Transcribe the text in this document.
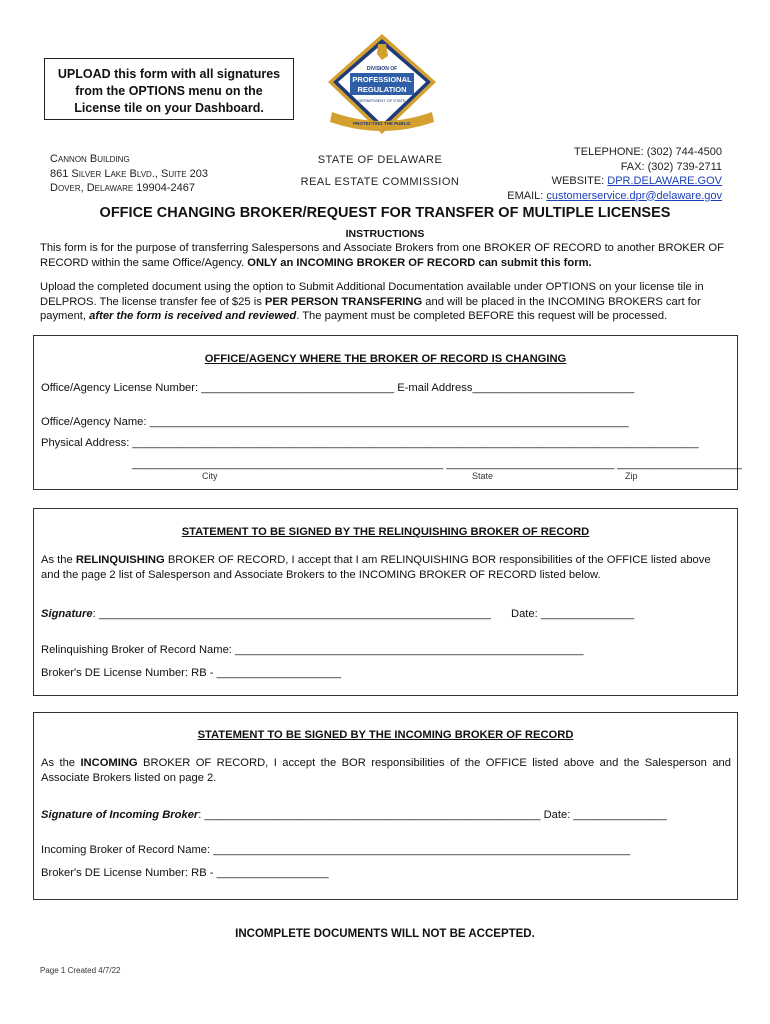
UPLOAD this form with all signatures
from the OPTIONS menu on the
License tile on your Dashboard.
DIVISION OF
PROFESSIONAL
REGULATION
DEPARTMENT OF STATE
PROTECTING THE PUBLIC
Cannon Building
861 Silver Lake Blvd., Suite 203
Dover, Delaware 19904-2467
STATE OF DELAWARE
REAL ESTATE COMMISSION
TELEPHONE: (302) 744-4500
FAX: (302) 739-2711
WEBSITE: DPR.DELAWARE.GOV
EMAIL: customerservice.dpr@delaware.gov
OFFICE CHANGING BROKER/REQUEST FOR TRANSFER OF MULTIPLE LICENSES
INSTRUCTIONS
This form is for the purpose of transferring Salespersons and Associate Brokers from one BROKER OF RECORD to another BROKER OF RECORD within the same Office/Agency. ONLY an INCOMING BROKER OF RECORD can submit this form.
Upload the completed document using the option to Submit Additional Documentation available under OPTIONS on your license tile in DELPROS. The license transfer fee of $25 is PER PERSON TRANSFERING and will be placed in the INCOMING BROKERS cart for payment, after the form is received and reviewed. The payment must be completed BEFORE this request will be processed.
OFFICE/AGENCY WHERE THE BROKER OF RECORD IS CHANGING
Office/Agency License Number: _______________________________ E-mail Address__________________________
Office/Agency Name: _____________________________________________________________________________
Physical Address: ___________________________________________________________________________________________
__________________________________________________ ___________________________ ____________________
City	State	Zip
STATEMENT TO BE SIGNED BY THE RELINQUISHING BROKER OF RECORD
As the RELINQUISHING BROKER OF RECORD, I accept that I am RELINQUISHING BOR responsibilities of the OFFICE listed above and the page 2 list of Salesperson and Associate Brokers to the INCOMING BROKER OF RECORD listed below.
Signature: _______________________________________________________________ Date: _______________
Relinquishing Broker of Record Name: ________________________________________________________
Broker's DE License Number: RB - ____________________
STATEMENT TO BE SIGNED BY THE INCOMING BROKER OF RECORD
As the INCOMING BROKER OF RECORD, I accept the BOR responsibilities of the OFFICE listed above and the Salesperson and Associate Brokers listed on page 2.
Signature of Incoming Broker: ______________________________________________________ Date: _______________
Incoming Broker of Record Name: ___________________________________________________________________
Broker's DE License Number: RB - __________________
INCOMPLETE DOCUMENTS WILL NOT BE ACCEPTED.
Page 1 Created 4/7/22
